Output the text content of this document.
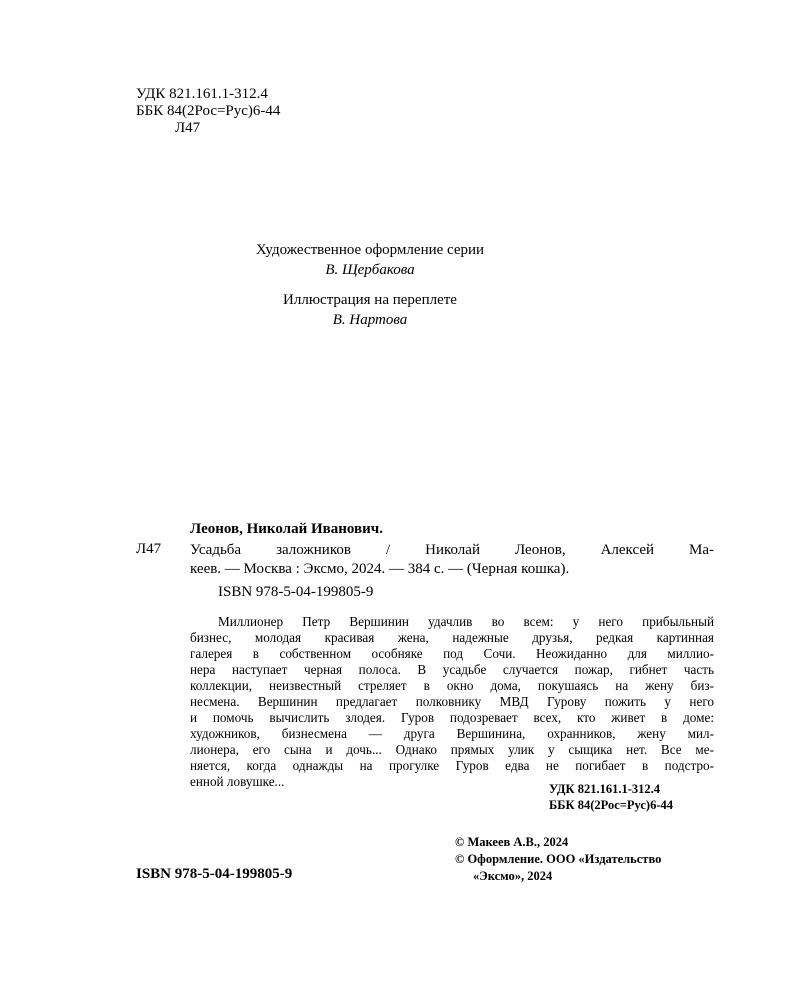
УДК 821.161.1-312.4
ББК 84(2Рос=Рус)6-44
Л47
Художественное оформление серии
В. Щербакова
Иллюстрация на переплете
В. Нартова
Леонов, Николай Иванович.
Л47 Усадьба заложников / Николай Леонов, Алексей Ма-
кеев. — Москва : Эксмо, 2024. — 384 с. — (Черная кошка).
ISBN 978-5-04-199805-9
Миллионер Петр Вершинин удачлив во всем: у него прибыльный
бизнес, молодая красивая жена, надежные друзья, редкая картинная
галерея в собственном особняке под Сочи. Неожиданно для миллио-
нера наступает черная полоса. В усадьбе случается пожар, гибнет часть
коллекции, неизвестный стреляет в окно дома, покушаясь на жену биз-
несмена. Вершинин предлагает полковнику МВД Гурову пожить у него
и помочь вычислить злодея. Гуров подозревает всех, кто живет в доме:
художников, бизнесмена — друга Вершинина, охранников, жену мил-
лионера, его сына и дочь... Однако прямых улик у сыщика нет. Все ме-
няется, когда однажды на прогулке Гуров едва не погибает в подстро-
енной ловушке...	УДК 821.161.1-312.4
ББК 84(2Рос=Рус)6-44
© Макеев А.В., 2024
© Оформление. ООО «Издательство
«Эксмо», 2024
ISBN 978-5-04-199805-9
